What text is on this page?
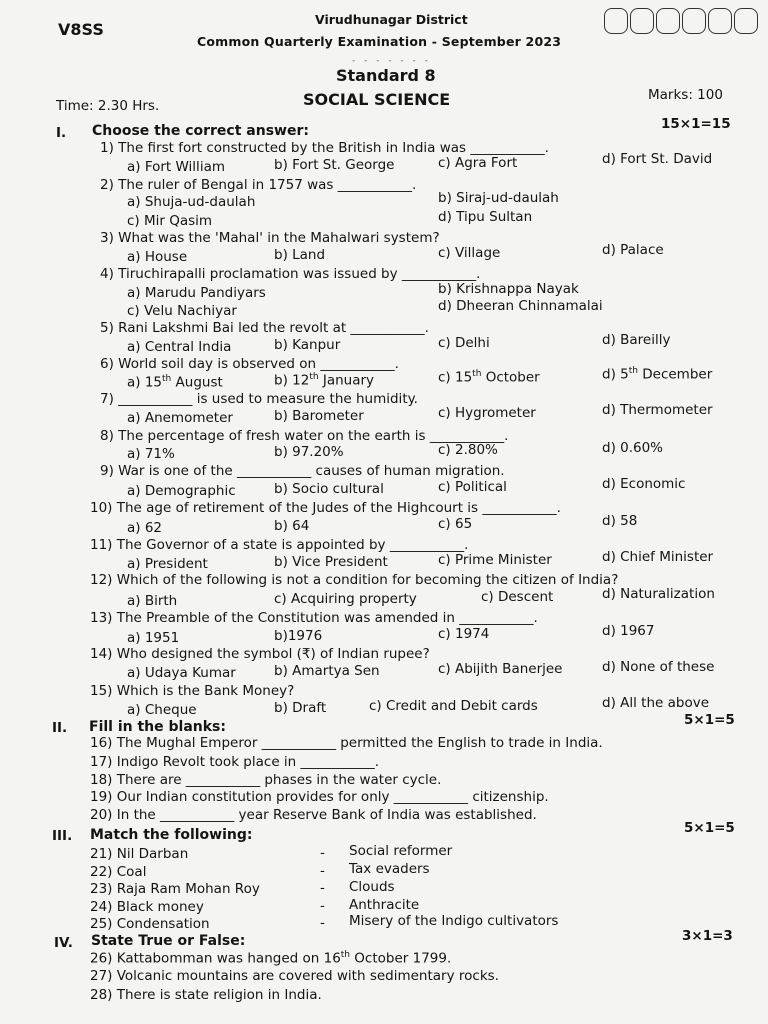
V8SS
Virudhunagar District
Common Quarterly Examination - September 2023
- - - - - - -
Standard 8
SOCIAL SCIENCE
Time: 2.30 Hrs.
Marks: 100
I. Choose the correct answer:	15×1=15
1) The first fort constructed by the British in India was ___________.
a) Fort William	b) Fort St. George	c) Agra Fort	d) Fort St. David
2) The ruler of Bengal in 1757 was ___________.
a) Shuja-ud-daulah	b) Siraj-ud-daulah
c) Mir Qasim	d) Tipu Sultan
3) What was the 'Mahal' in the Mahalwari system?
a) House	b) Land	c) Village	d) Palace
4) Tiruchirapalli proclamation was issued by ___________.
a) Marudu Pandiyars	b) Krishnappa Nayak
c) Velu Nachiyar	d) Dheeran Chinnamalai
5) Rani Lakshmi Bai led the revolt at ___________.
a) Central India	b) Kanpur	c) Delhi	d) Bareilly
6) World soil day is observed on ___________.
a) 15th August	b) 12th January	c) 15th October	d) 5th December
7) ___________ is used to measure the humidity.
a) Anemometer	b) Barometer	c) Hygrometer	d) Thermometer
8) The percentage of fresh water on the earth is ___________.
a) 71%	b) 97.20%	c) 2.80%	d) 0.60%
9) War is one of the ___________ causes of human migration.
a) Demographic	b) Socio cultural	c) Political	d) Economic
10) The age of retirement of the Judes of the Highcourt is ___________.
a) 62	b) 64	c) 65	d) 58
11) The Governor of a state is appointed by ___________.
a) President	b) Vice President	c) Prime Minister	d) Chief Minister
12) Which of the following is not a condition for becoming the citizen of India?
a) Birth	c) Acquiring property	c) Descent	d) Naturalization
13) The Preamble of the Constitution was amended in ___________.
a) 1951	b)1976	c) 1974	d) 1967
14) Who designed the symbol (₹) of Indian rupee?
a) Udaya Kumar	b) Amartya Sen	c) Abijith Banerjee	d) None of these
15) Which is the Bank Money?
a) Cheque	b) Draft	c) Credit and Debit cards	d) All the above
II. Fill in the blanks:	5×1=5
16) The Mughal Emperor ___________ permitted the English to trade in India.
17) Indigo Revolt took place in ___________.
18) There are ___________ phases in the water cycle.
19) Our Indian constitution provides for only ___________ citizenship.
20) In the ___________ year Reserve Bank of India was established.
III. Match the following:	5×1=5
21) Nil Darban	- Social reformer
22) Coal	- Tax evaders
23) Raja Ram Mohan Roy	- Clouds
24) Black money	- Anthracite
25) Condensation	- Misery of the Indigo cultivators
IV. State True or False:	3×1=3
26) Kattabomman was hanged on 16th October 1799.
27) Volcanic mountains are covered with sedimentary rocks.
28) There is state religion in India.
